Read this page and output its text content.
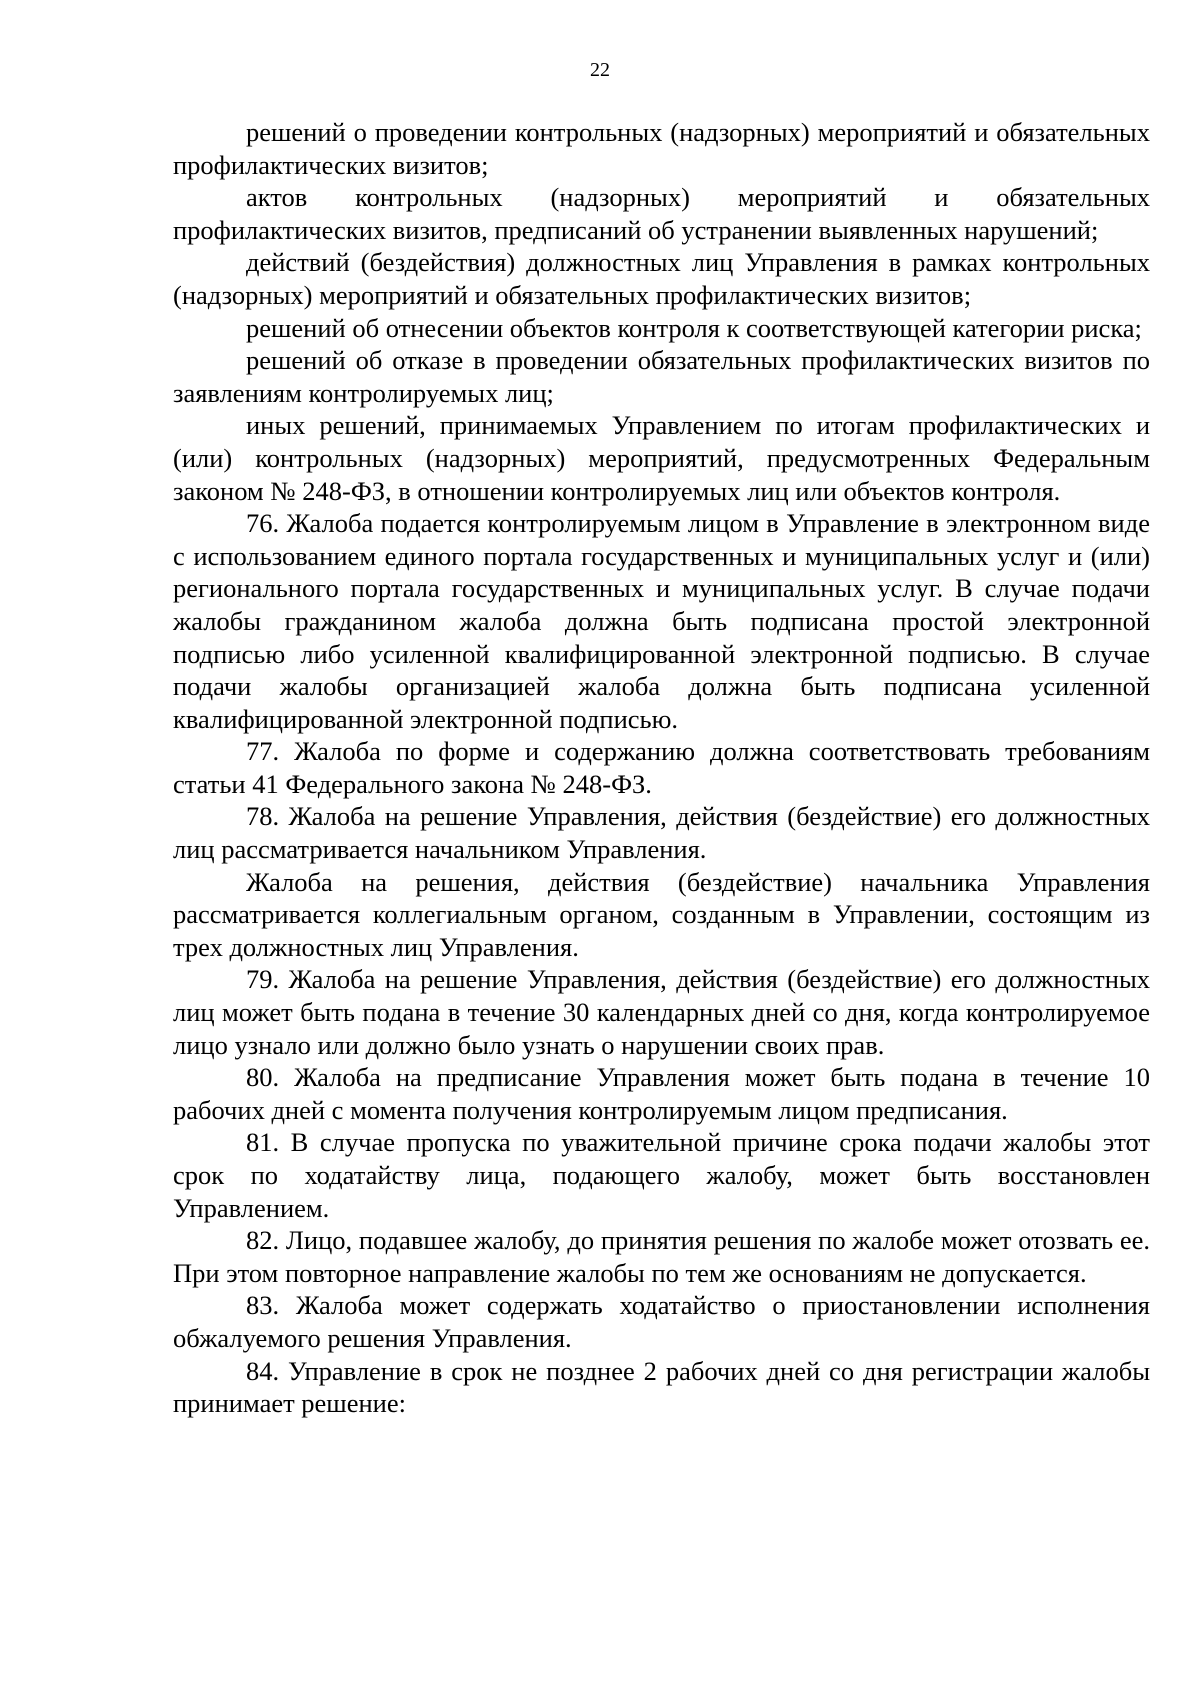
22

решений о проведении контрольных (надзорных) мероприятий и обязательных профилактических визитов;

актов контрольных (надзорных) мероприятий и обязательных профилактических визитов, предписаний об устранении выявленных нарушений;

действий (бездействия) должностных лиц Управления в рамках контрольных (надзорных) мероприятий и обязательных профилактических визитов;

решений об отнесении объектов контроля к соответствующей категории риска;

решений об отказе в проведении обязательных профилактических визитов по заявлениям контролируемых лиц;

иных решений, принимаемых Управлением по итогам профилактических и (или) контрольных (надзорных) мероприятий, предусмотренных Федеральным законом № 248-ФЗ, в отношении контролируемых лиц или объектов контроля.

76. Жалоба подается контролируемым лицом в Управление в электронном виде с использованием единого портала государственных и муниципальных услуг и (или) регионального портала государственных и муниципальных услуг. В случае подачи жалобы гражданином жалоба должна быть подписана простой электронной подписью либо усиленной квалифицированной электронной подписью. В случае подачи жалобы организацией жалоба должна быть подписана усиленной квалифицированной электронной подписью.

77. Жалоба по форме и содержанию должна соответствовать требованиям статьи 41 Федерального закона № 248-ФЗ.

78. Жалоба на решение Управления, действия (бездействие) его должностных лиц рассматривается начальником Управления.

Жалоба на решения, действия (бездействие) начальника Управления рассматривается коллегиальным органом, созданным в Управлении, состоящим из трех должностных лиц Управления.

79. Жалоба на решение Управления, действия (бездействие) его должностных лиц может быть подана в течение 30 календарных дней со дня, когда контролируемое лицо узнало или должно было узнать о нарушении своих прав.

80. Жалоба на предписание Управления может быть подана в течение 10 рабочих дней с момента получения контролируемым лицом предписания.

81. В случае пропуска по уважительной причине срока подачи жалобы этот срок по ходатайству лица, подающего жалобу, может быть восстановлен Управлением.

82. Лицо, подавшее жалобу, до принятия решения по жалобе может отозвать ее. При этом повторное направление жалобы по тем же основаниям не допускается.

83. Жалоба может содержать ходатайство о приостановлении исполнения обжалуемого решения Управления.

84. Управление в срок не позднее 2 рабочих дней со дня регистрации жалобы принимает решение:
